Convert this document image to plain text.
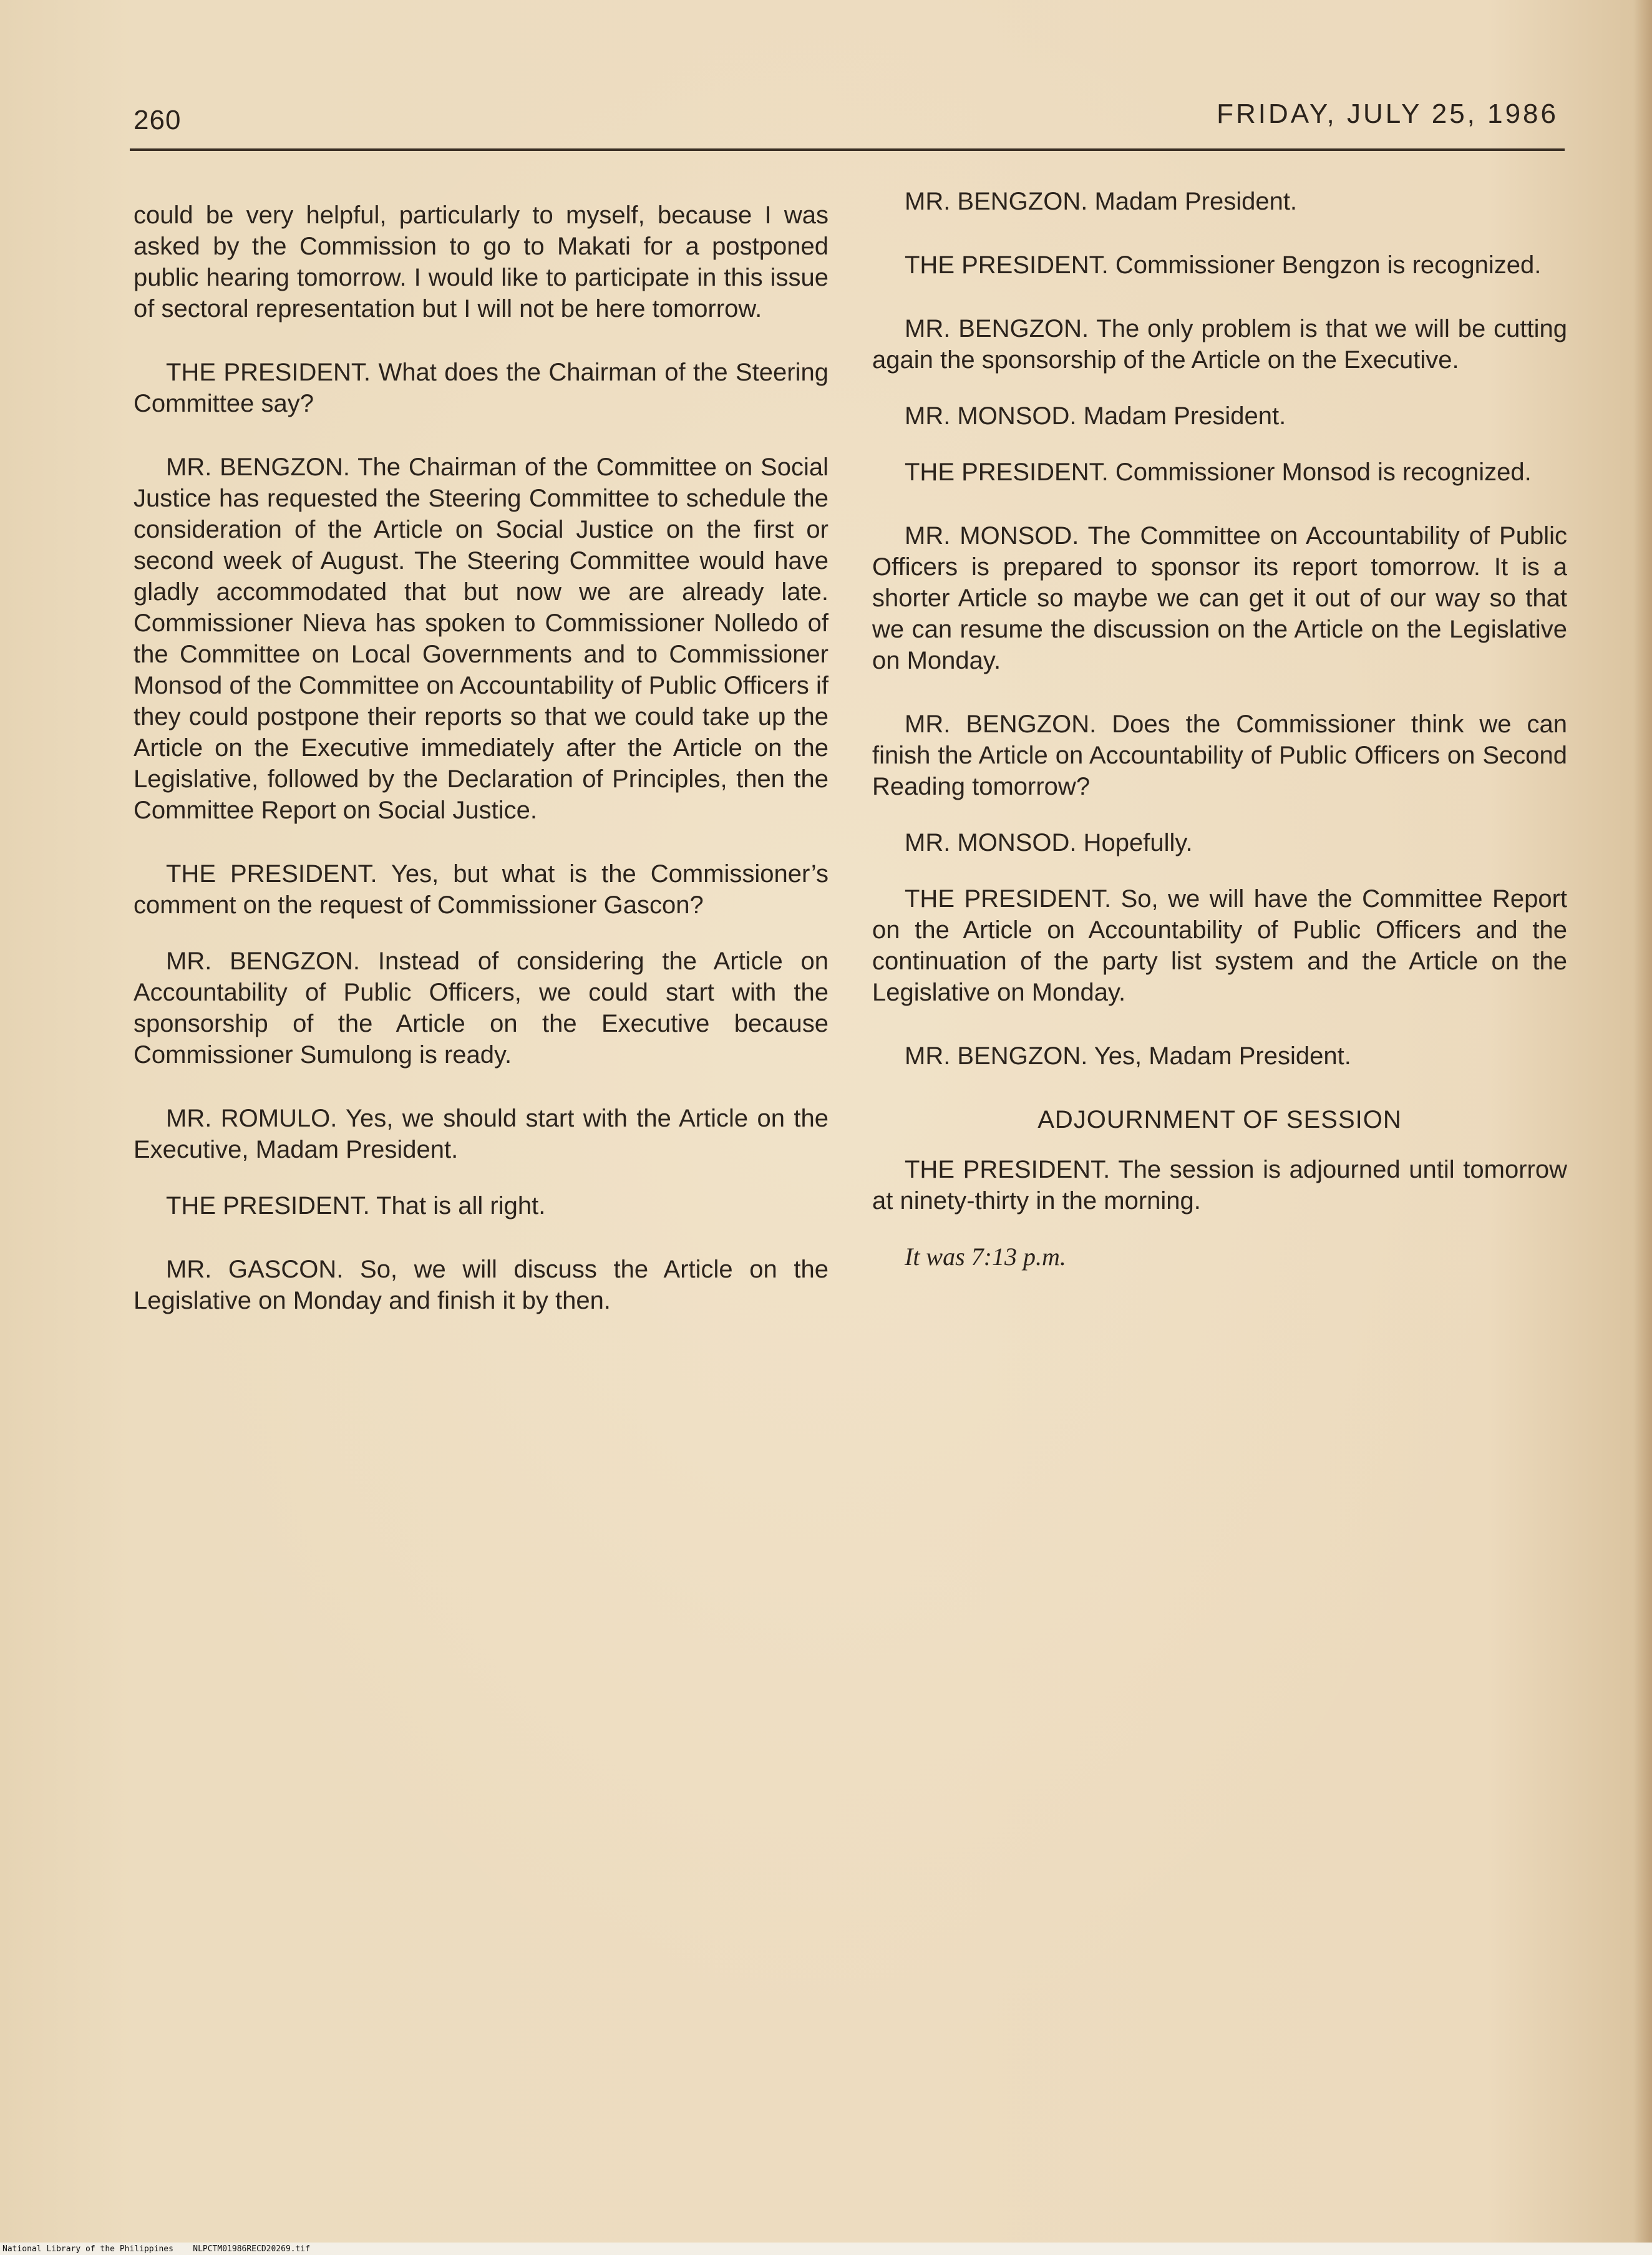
260	FRIDAY, JULY 25, 1986

could be very helpful, particularly to myself, because I was asked by the Commission to go to Makati for a postponed public hearing tomorrow. I would like to participate in this issue of sectoral representation but I will not be here tomorrow.

THE PRESIDENT. What does the Chairman of the Steering Committee say?

MR. BENGZON. The Chairman of the Committee on Social Justice has requested the Steering Committee to schedule the consideration of the Article on Social Justice on the first or second week of August. The Steering Committee would have gladly accommodated that but now we are already late. Commissioner Nieva has spoken to Commissioner Nolledo of the Committee on Local Governments and to Commissioner Monsod of the Committee on Accountability of Public Officers if they could postpone their reports so that we could take up the Article on the Executive immediately after the Article on the Legislative, followed by the Declaration of Principles, then the Committee Report on Social Justice.

THE PRESIDENT. Yes, but what is the Commissioner’s comment on the request of Commissioner Gascon?

MR. BENGZON. Instead of considering the Article on Accountability of Public Officers, we could start with the sponsorship of the Article on the Executive because Commissioner Sumulong is ready.

MR. ROMULO. Yes, we should start with the Article on the Executive, Madam President.

THE PRESIDENT. That is all right.

MR. GASCON. So, we will discuss the Article on the Legislative on Monday and finish it by then.

MR. BENGZON. Madam President.

THE PRESIDENT. Commissioner Bengzon is recognized.

MR. BENGZON. The only problem is that we will be cutting again the sponsorship of the Article on the Executive.

MR. MONSOD. Madam President.

THE PRESIDENT. Commissioner Monsod is recognized.

MR. MONSOD. The Committee on Accountability of Public Officers is prepared to sponsor its report tomorrow. It is a shorter Article so maybe we can get it out of our way so that we can resume the discussion on the Article on the Legislative on Monday.

MR. BENGZON. Does the Commissioner think we can finish the Article on Accountability of Public Officers on Second Reading tomorrow?

MR. MONSOD. Hopefully.

THE PRESIDENT. So, we will have the Committee Report on the Article on Accountability of Public Officers and the continuation of the party list system and the Article on the Legislative on Monday.

MR. BENGZON. Yes, Madam President.

ADJOURNMENT OF SESSION

THE PRESIDENT. The session is adjourned until tomorrow at ninety-thirty in the morning.

It was 7:13 p.m.

National Library of the Philippines NLPCTM01986RECD20269.tif
